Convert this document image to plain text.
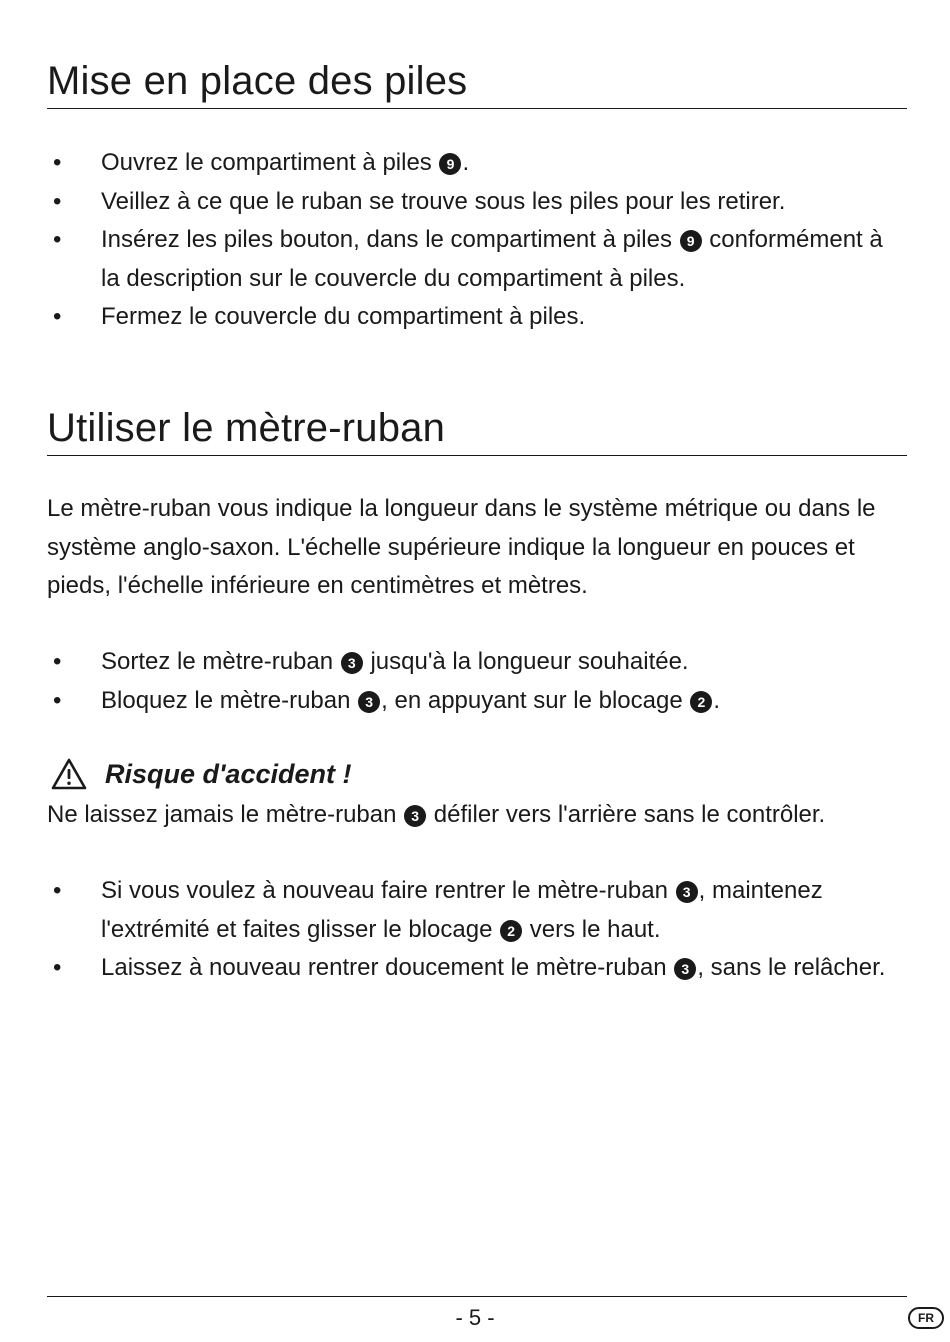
Mise en place des piles
• Ouvrez le compartiment à piles 9 .
• Veillez à ce que le ruban se trouve sous les piles pour les retirer.
• Insérez les piles bouton, dans le compartiment à piles 9 conformément à la description sur le couvercle du compartiment à piles.
• Fermez le couvercle du compartiment à piles.
Utiliser le mètre-ruban

Le mètre-ruban vous indique la longueur dans le système métrique ou dans le système anglo-saxon. L'échelle supérieure indique la longueur en pouces et pieds, l'échelle inférieure en centimètres et mètres.

• Sortez le mètre-ruban 3 jusqu'à la longueur souhaitée.
• Bloquez le mètre-ruban 3 , en appuyant sur le blocage 2 .
Risque d'accident !

Ne laissez jamais le mètre-ruban 3 défiler vers l'arrière sans le contrôler.

• Si vous voulez à nouveau faire rentrer le mètre-ruban 3 , maintenez l'extrémité et faites glisser le blocage 2 vers le haut.
• Laissez à nouveau rentrer doucement le mètre-ruban 3 , sans le relâcher.
- 5 -	FR
